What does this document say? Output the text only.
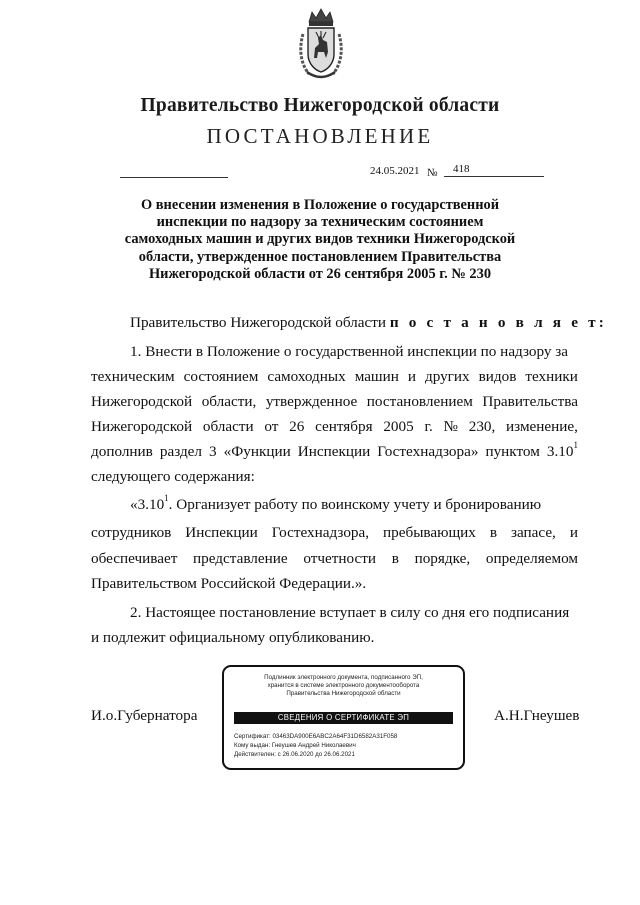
Правительство Нижегородской области
ПОСТАНОВЛЕНИЕ
24.05.2021 №	418
О внесении изменения в Положение о государственной
инспекции по надзору за техническим состоянием
самоходных машин и других видов техники Нижегородской
области, утвержденное постановлением Правительства
Нижегородской области от 26 сентября 2005 г. № 230
Правительство Нижегородской области п о с т а н о в л я е т:
1. Внести в Положение о государственной инспекции по надзору за
техническим состоянием самоходных машин и других видов техники
Нижегородской области, утвержденное постановлением Правительства
Нижегородской области от 26 сентября 2005 г. № 230, изменение,
дополнив раздел 3 «Функции Инспекции Гостехнадзора» пунктом 3.10$^1$
следующего содержания:
«3.10$^1$. Организует работу по воинскому учету и бронированию
сотрудников Инспекции Гостехнадзора, пребывающих в запасе, и
обеспечивает представление отчетности в порядке, определяемом
Правительством Российской Федерации.».
2. Настоящее постановление вступает в силу со дня его подписания
и подлежит официальному опубликованию.
И.о.Губернатора	А.Н.Гнеушев
Подлинник электронного документа, подписанного ЭП,
хранится в системе электронного документооборота
Правительства Нижегородской области
СВЕДЕНИЯ О СЕРТИФИКАТЕ ЭП
Сертификат: 03463DA900E6ABC2A64F31D6582A31F058
Кому выдан: Гнеушев Андрей Николаевич
Действителен: с 26.06.2020 до 26.06.2021
